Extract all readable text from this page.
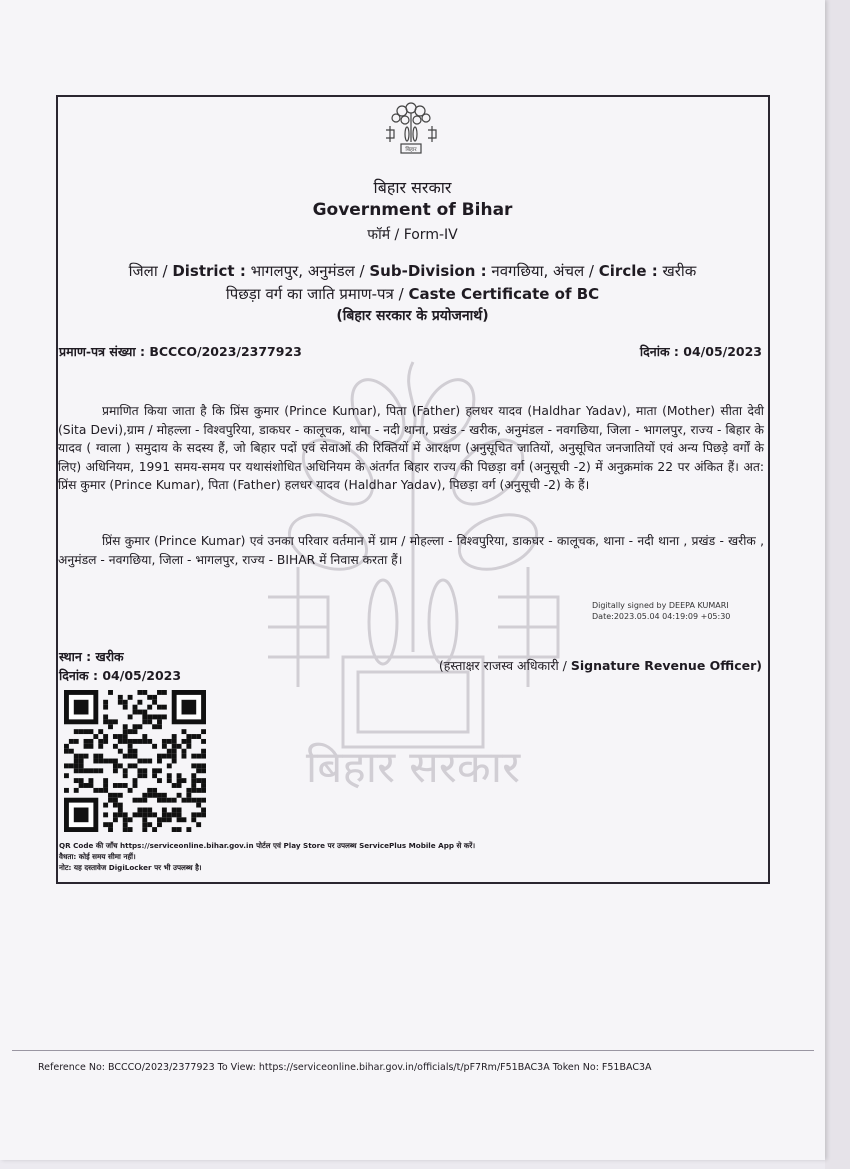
बिहार
बिहार सरकार
Government of Bihar
फॉर्म / Form-IV
जिला / District : भागलपुर, अनुमंडल / Sub-Division : नवगछिया, अंचल / Circle : खरीक
पिछड़ा वर्ग का जाति प्रमाण-पत्र / Caste Certificate of BC
(बिहार सरकार के प्रयोजनार्थ)
प्रमाण-पत्र संख्या : BCCCO/2023/2377923	दिनांक : 04/05/2023
बिहार सरकार
प्रमाणित किया जाता है कि प्रिंस कुमार (Prince Kumar), पिता (Father) हलधर यादव (Haldhar Yadav), माता (Mother) सीता देवी (Sita Devi),ग्राम / मोहल्ला - विश्वपुरिया, डाकघर - कालूचक, थाना - नदी थाना, प्रखंड - खरीक, अनुमंडल - नवगछिया, जिला - भागलपुर, राज्य - बिहार के यादव ( ग्वाला ) समुदाय के सदस्य हैं, जो बिहार पदों एवं सेवाओं की रिक्तियों में आरक्षण (अनुसूचित जातियों, अनुसूचित जनजातियों एवं अन्य पिछड़े वर्गों के लिए) अधिनियम, 1991 समय-समय पर यथासंशोधित अधिनियम के अंतर्गत बिहार राज्य की पिछड़ा वर्ग (अनुसूची -2) में अनुक्रमांक 22 पर अंकित हैं। अत: प्रिंस कुमार (Prince Kumar), पिता (Father) हलधर यादव (Haldhar Yadav), पिछड़ा वर्ग (अनुसूची -2) के हैं।
प्रिंस कुमार (Prince Kumar) एवं उनका परिवार वर्तमान में ग्राम / मोहल्ला - विश्वपुरिया, डाकघर - कालूचक, थाना - नदी थाना , प्रखंड - खरीक , अनुमंडल - नवगछिया, जिला - भागलपुर, राज्य - BIHAR में निवास करता हैं।
Digitally signed by DEEPA KUMARI
Date:2023.05.04 04:19:09 +05:30
स्थान : खरीक
दिनांक : 04/05/2023
(हस्ताक्षर राजस्व अधिकारी / Signature Revenue Officer)
QR Code की जाँच https://serviceonline.bihar.gov.in पोर्टल एवं Play Store पर उपलब्ध ServicePlus Mobile App से करें।
वैधता: कोई समय सीमा नहीं।
नोट: यह दस्तावेज DigiLocker पर भी उपलब्ध है।
Reference No: BCCCO/2023/2377923 To View: https://serviceonline.bihar.gov.in/officials/t/pF7Rm/F51BAC3A Token No: F51BAC3A
